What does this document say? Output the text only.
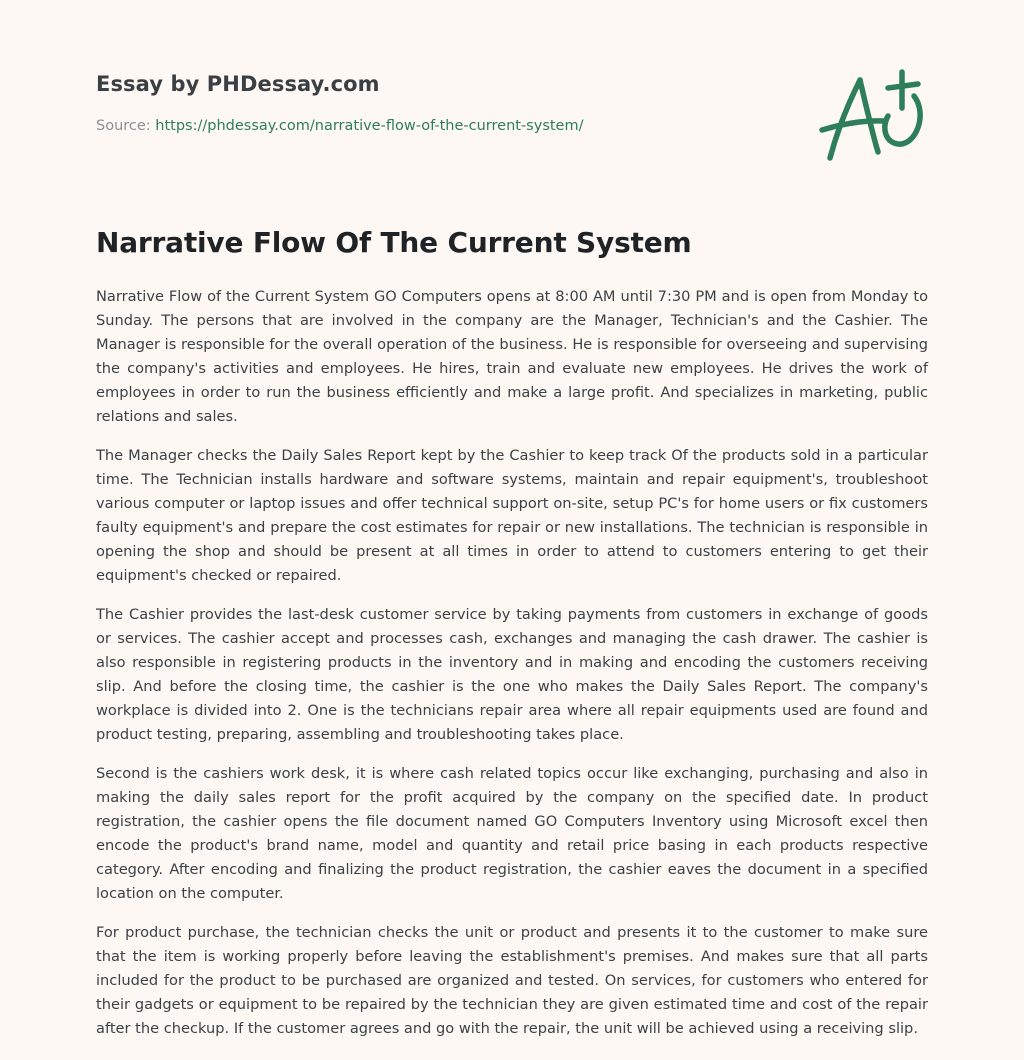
Essay by PHDessay.com
Source: https://phdessay.com/narrative-flow-of-the-current-system/
Narrative Flow Of The Current System

Narrative Flow of the Current System GO Computers opens at 8:00 AM until 7:30 PM and is open from Monday to Sunday. The persons that are involved in the company are the Manager, Technician's and the Cashier. The Manager is responsible for the overall operation of the business. He is responsible for overseeing and supervising the company's activities and employees. He hires, train and evaluate new employees. He drives the work of employees in order to run the business efficiently and make a large profit. And specializes in marketing, public relations and sales.

The Manager checks the Daily Sales Report kept by the Cashier to keep track Of the products sold in a particular time. The Technician installs hardware and software systems, maintain and repair equipment's, troubleshoot various computer or laptop issues and offer technical support on-site, setup PC's for home users or fix customers faulty equipment's and prepare the cost estimates for repair or new installations. The technician is responsible in opening the shop and should be present at all times in order to attend to customers entering to get their equipment's checked or repaired.

The Cashier provides the last-desk customer service by taking payments from customers in exchange of goods or services. The cashier accept and processes cash, exchanges and managing the cash drawer. The cashier is also responsible in registering products in the inventory and in making and encoding the customers receiving slip. And before the closing time, the cashier is the one who makes the Daily Sales Report. The company's workplace is divided into 2. One is the technicians repair area where all repair equipments used are found and product testing, preparing, assembling and troubleshooting takes place.

Second is the cashiers work desk, it is where cash related topics occur like exchanging, purchasing and also in making the daily sales report for the profit acquired by the company on the specified date. In product registration, the cashier opens the file document named GO Computers Inventory using Microsoft excel then encode the product's brand name, model and quantity and retail price basing in each products respective category. After encoding and finalizing the product registration, the cashier eaves the document in a specified location on the computer.

For product purchase, the technician checks the unit or product and presents it to the customer to make sure that the item is working properly before leaving the establishment's premises. And makes sure that all parts included for the product to be purchased are organized and tested. On services, for customers who entered for their gadgets or equipment to be repaired by the technician they are given estimated time and cost of the repair after the checkup. If the customer agrees and go with the repair, the unit will be achieved using a receiving slip.
